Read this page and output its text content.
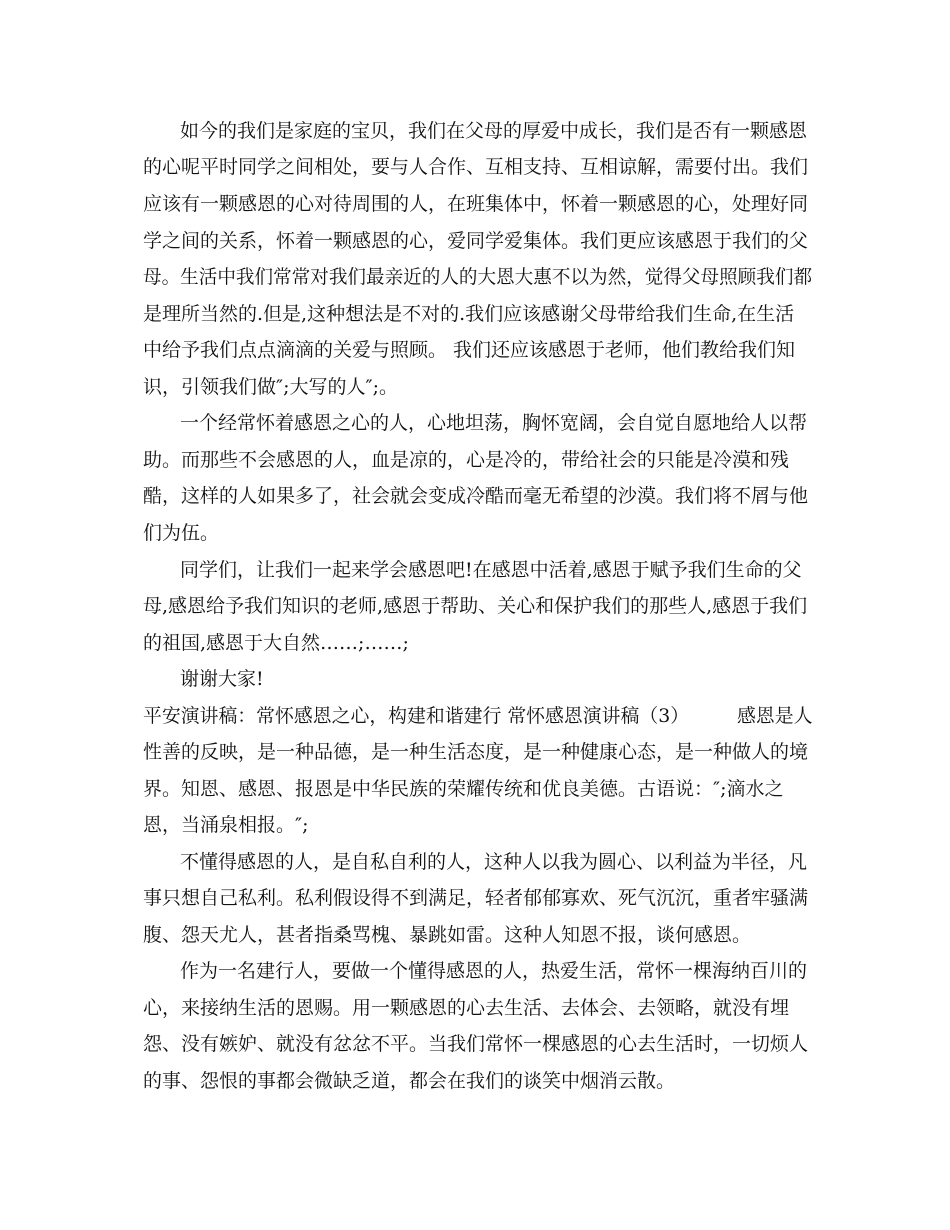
如今的我们是家庭的宝贝，我们在父母的厚爱中成长，我们是否有一颗感恩
的心呢平时同学之间相处，要与人合作、互相支持、互相谅解，需要付出。我们
应该有一颗感恩的心对待周围的人，在班集体中，怀着一颗感恩的心，处理好同
学之间的关系，怀着一颗感恩的心，爱同学爱集体。我们更应该感恩于我们的父
母。生活中我们常常对我们最亲近的人的大恩大惠不以为然，觉得父母照顾我们都
是理所当然的.但是,这种想法是不对的.我们应该感谢父母带给我们生命,在生活
中给予我们点点滴滴的关爱与照顾。 我们还应该感恩于老师，他们教给我们知
识，引领我们做″;大写的人″;。
一个经常怀着感恩之心的人，心地坦荡，胸怀宽阔，会自觉自愿地给人以帮
助。而那些不会感恩的人，血是凉的，心是冷的，带给社会的只能是冷漠和残
酷，这样的人如果多了，社会就会变成冷酷而毫无希望的沙漠。我们将不屑与他
们为伍。
同学们，让我们一起来学会感恩吧!在感恩中活着,感恩于赋予我们生命的父
母,感恩给予我们知识的老师,感恩于帮助、关心和保护我们的那些人,感恩于我们
的祖国,感恩于大自然……;……;
谢谢大家!
平安演讲稿：常怀感恩之心，构建和谐建行 常怀感恩演讲稿（3）        感恩是人
性善的反映，是一种品德，是一种生活态度，是一种健康心态，是一种做人的境
界。知恩、感恩、报恩是中华民族的荣耀传统和优良美德。古语说：″;滴水之
恩，当涌泉相报。″;
不懂得感恩的人，是自私自利的人，这种人以我为圆心、以利益为半径，凡
事只想自己私利。私利假设得不到满足，轻者郁郁寡欢、死气沉沉，重者牢骚满
腹、怨天尤人，甚者指桑骂槐、暴跳如雷。这种人知恩不报，谈何感恩。
作为一名建行人，要做一个懂得感恩的人，热爱生活，常怀一棵海纳百川的
心，来接纳生活的恩赐。用一颗感恩的心去生活、去体会、去领略，就没有埋
怨、没有嫉妒、就没有忿忿不平。当我们常怀一棵感恩的心去生活时，一切烦人
的事、怨恨的事都会微缺乏道，都会在我们的谈笑中烟消云散。
